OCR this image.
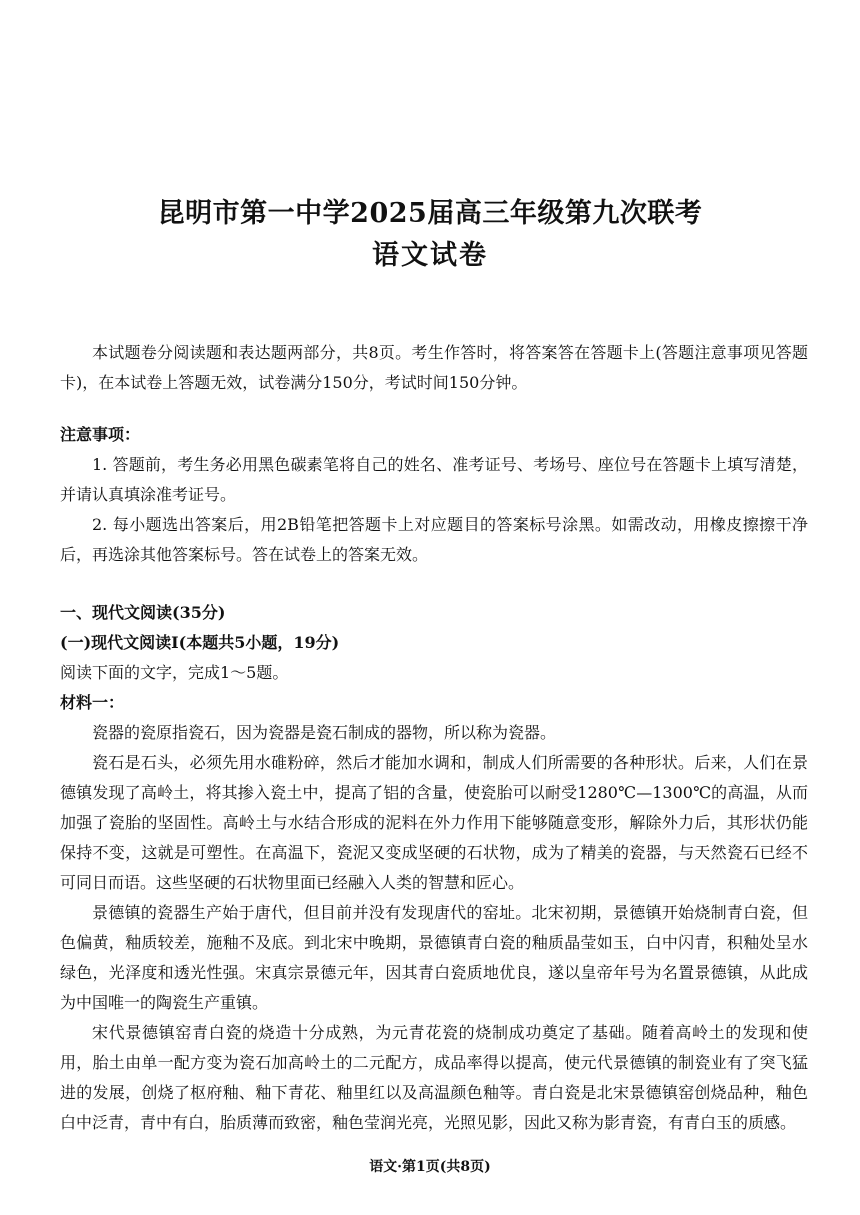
昆明市第一中学2025届高三年级第九次联考
语文试卷

本试题卷分阅读题和表达题两部分，共8页。考生作答时，将答案答在答题卡上(答题注意事项见答题卡)，在本试卷上答题无效，试卷满分150分，考试时间150分钟。

注意事项：

1. 答题前，考生务必用黑色碳素笔将自己的姓名、准考证号、考场号、座位号在答题卡上填写清楚，并请认真填涂准考证号。

2. 每小题选出答案后，用2B铅笔把答题卡上对应题目的答案标号涂黑。如需改动，用橡皮擦擦干净后，再选涂其他答案标号。答在试卷上的答案无效。

一、现代文阅读(35分)

(一)现代文阅读Ⅰ(本题共5小题，19分)

阅读下面的文字，完成1～5题。

材料一：

瓷器的瓷原指瓷石，因为瓷器是瓷石制成的器物，所以称为瓷器。

瓷石是石头，必须先用水碓粉碎，然后才能加水调和，制成人们所需要的各种形状。后来，人们在景德镇发现了高岭土，将其掺入瓷土中，提高了铝的含量，使瓷胎可以耐受1280℃—1300℃的高温，从而加强了瓷胎的坚固性。高岭土与水结合形成的泥料在外力作用下能够随意变形，解除外力后，其形状仍能保持不变，这就是可塑性。在高温下，瓷泥又变成坚硬的石状物，成为了精美的瓷器，与天然瓷石已经不可同日而语。这些坚硬的石状物里面已经融入人类的智慧和匠心。

景德镇的瓷器生产始于唐代，但目前并没有发现唐代的窑址。北宋初期，景德镇开始烧制青白瓷，但色偏黄，釉质较差，施釉不及底。到北宋中晚期，景德镇青白瓷的釉质晶莹如玉，白中闪青，积釉处呈水绿色，光泽度和透光性强。宋真宗景德元年，因其青白瓷质地优良，遂以皇帝年号为名置景德镇，从此成为中国唯一的陶瓷生产重镇。

宋代景德镇窑青白瓷的烧造十分成熟，为元青花瓷的烧制成功奠定了基础。随着高岭土的发现和使用，胎土由单一配方变为瓷石加高岭土的二元配方，成品率得以提高，使元代景德镇的制瓷业有了突飞猛进的发展，创烧了枢府釉、釉下青花、釉里红以及高温颜色釉等。青白瓷是北宋景德镇窑创烧品种，釉色白中泛青，青中有白，胎质薄而致密，釉色莹润光亮，光照见影，因此又称为影青瓷，有青白玉的质感。

语文·第1页(共8页)
